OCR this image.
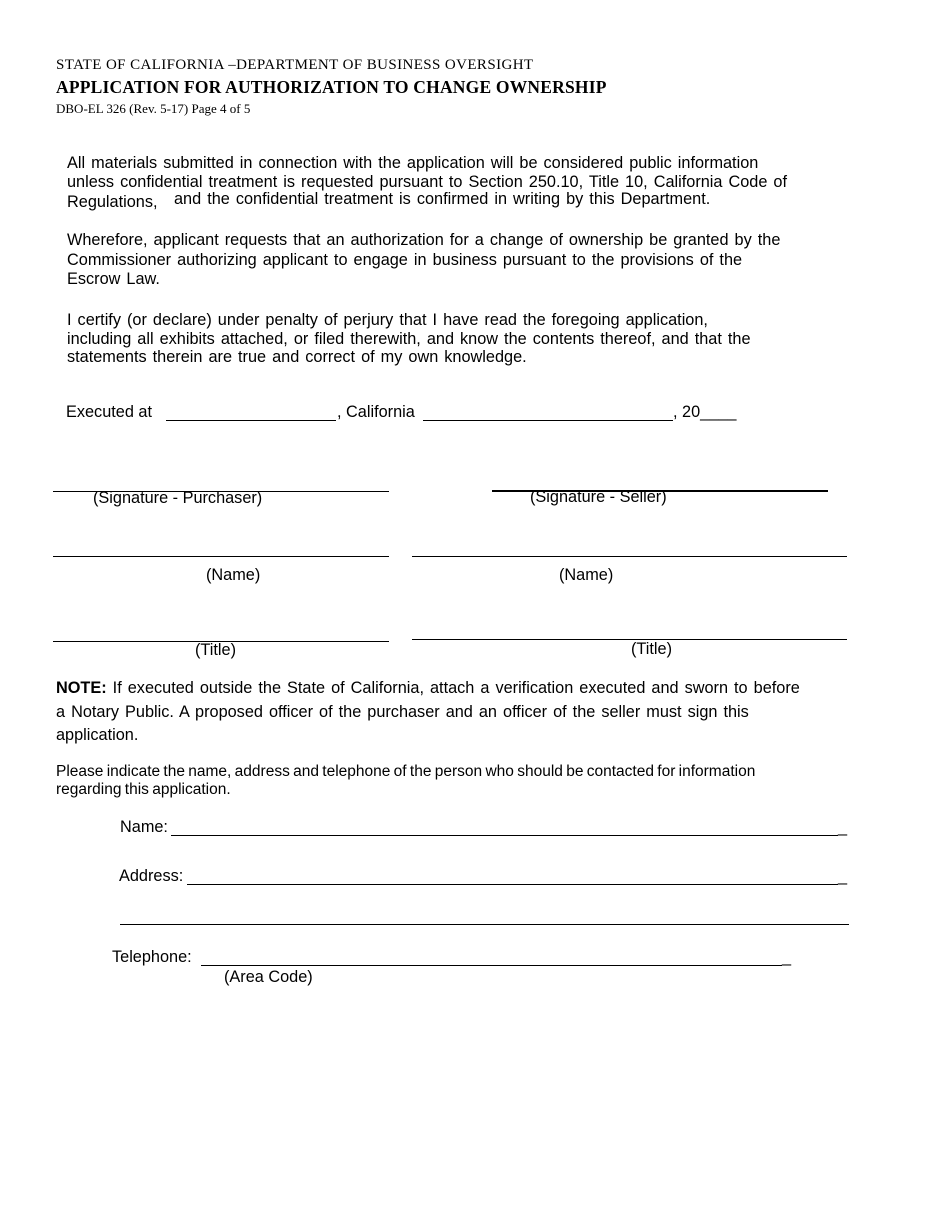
STATE OF CALIFORNIA –DEPARTMENT OF BUSINESS OVERSIGHT
APPLICATION FOR AUTHORIZATION TO CHANGE OWNERSHIP
DBO-EL 326 (Rev. 5-17) Page 4 of 5
All materials submitted in connection with the application will be considered public information
unless confidential treatment is requested pursuant to Section 250.10, Title 10, California Code of
Regulations, and the confidential treatment is confirmed in writing by this Department.
Wherefore, applicant requests that an authorization for a change of ownership be granted by the
Commissioner authorizing applicant to engage in business pursuant to the provisions of the
Escrow Law.
I certify (or declare) under penalty of perjury that I have read the foregoing application,
including all exhibits attached, or filed therewith, and know the contents thereof, and that the
statements therein are true and correct of my own knowledge.
Executed at	, California	, 20____
(Signature - Purchaser)	(Signature - Seller)
(Name)	(Name)
(Title)	(Title)
NOTE: If executed outside the State of California, attach a verification executed and sworn to before
a Notary Public. A proposed officer of the purchaser and an officer of the seller must sign this
application.
Please indicate the name, address and telephone of the person who should be contacted for information
regarding this application.
Name:	_
Address:	_
Telephone:	_
(Area Code)
